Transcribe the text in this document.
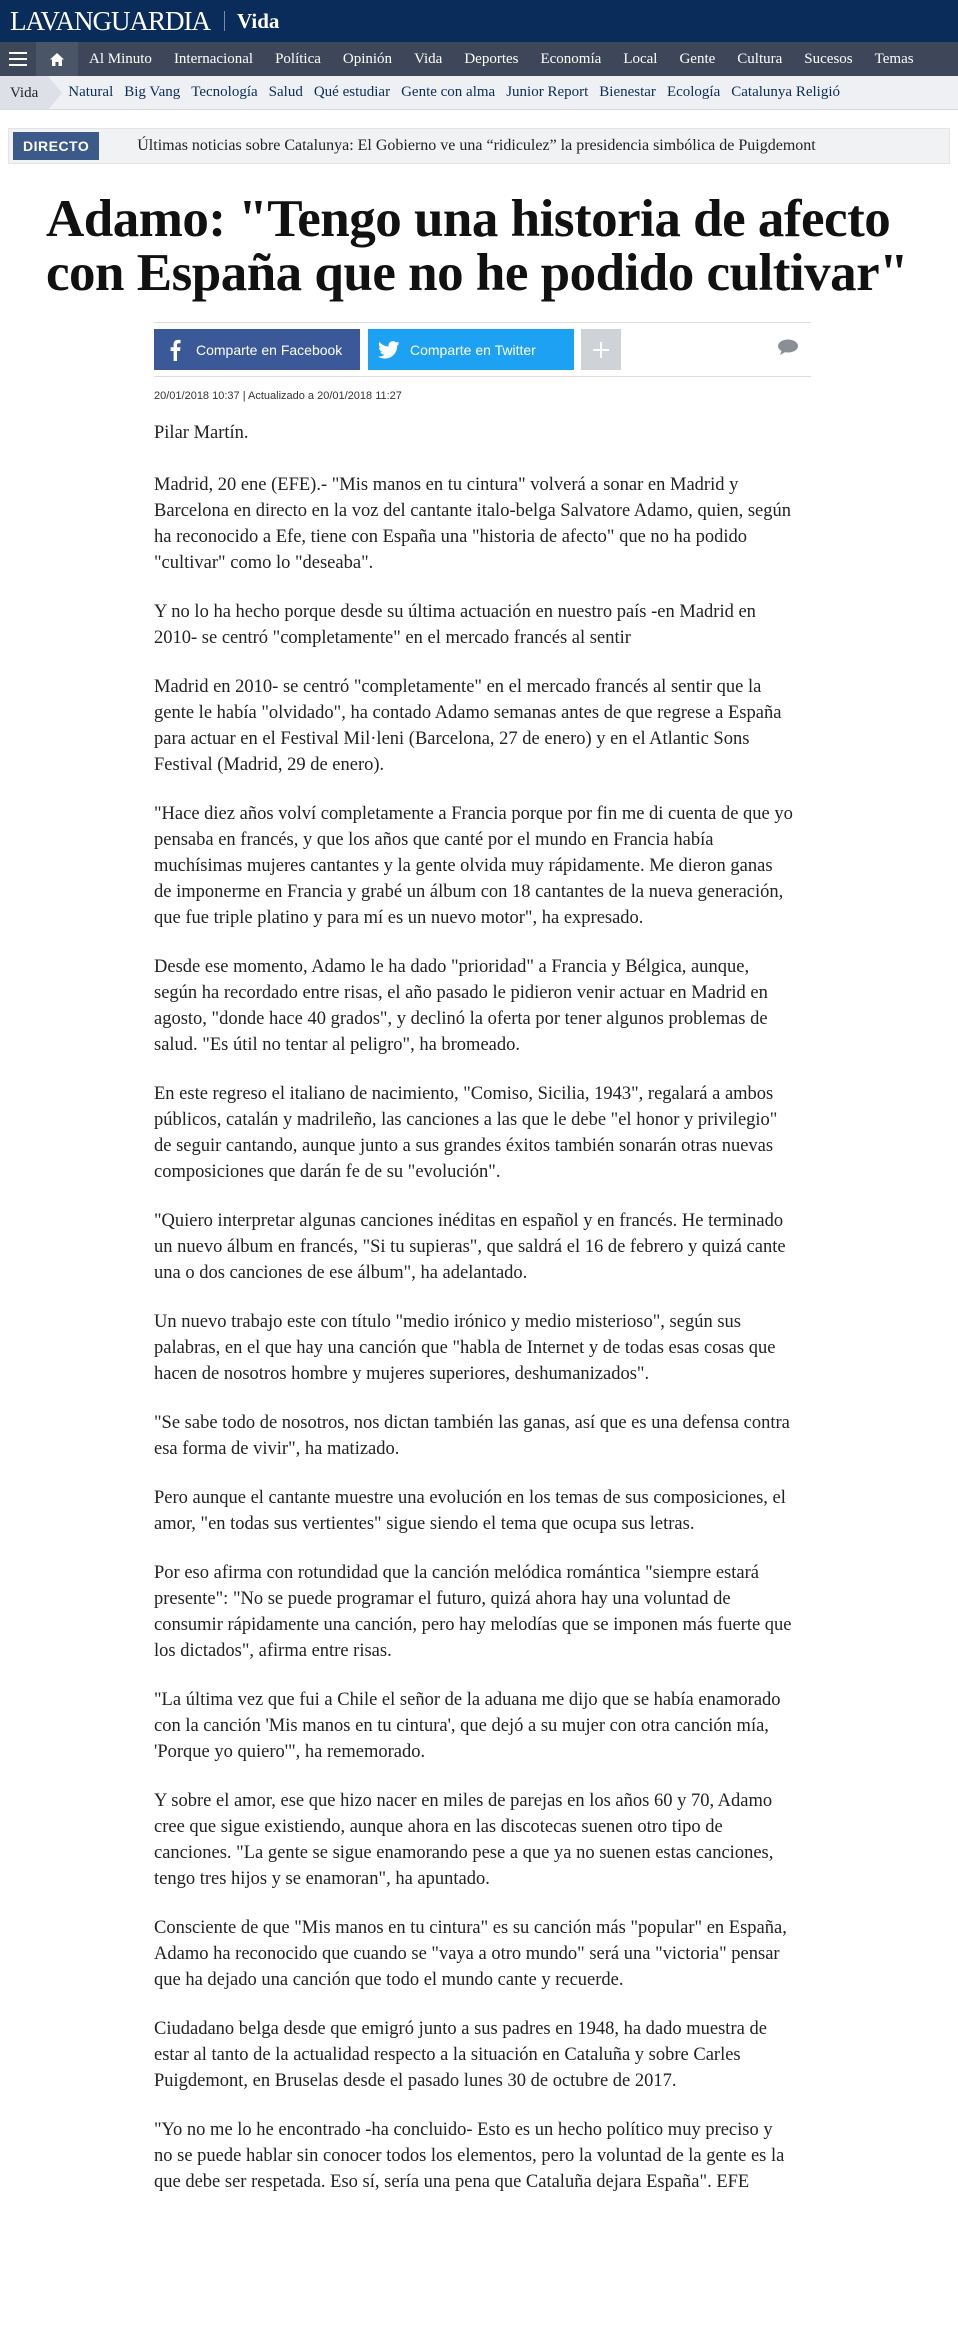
LAVANGUARDIA Vida
Al Minuto	Internacional	Política	Opinión	Vida	Deportes	Economía	Local	Gente	Cultura	Sucesos	Temas
Vida	Natural Big Vang Tecnología Salud Qué estudiar Gente con alma Junior Report Bienestar Ecología Catalunya Religió
DIRECTO	Últimas noticias sobre Catalunya: El Gobierno ve una “ridiculez” la presidencia simbólica de Puigdemont
Adamo: "Tengo una historia de afecto con España que no he podido cultivar"
Comparte en Facebook	Comparte en Twitter
20/01/2018 10:37 | Actualizado a 20/01/2018 11:27

Pilar Martín.

Madrid, 20 ene (EFE).- "Mis manos en tu cintura" volverá a sonar en Madrid y Barcelona en directo en la voz del cantante italo-belga Salvatore Adamo, quien, según ha reconocido a Efe, tiene con España una "historia de afecto" que no ha podido "cultivar" como lo "deseaba".

Y no lo ha hecho porque desde su última actuación en nuestro país -en Madrid en 2010- se centró "completamente" en el mercado francés al sentir

Madrid en 2010- se centró "completamente" en el mercado francés al sentir que la gente le había "olvidado", ha contado Adamo semanas antes de que regrese a España para actuar en el Festival Mil·leni (Barcelona, 27 de enero) y en el Atlantic Sons Festival (Madrid, 29 de enero).

"Hace diez años volví completamente a Francia porque por fin me di cuenta de que yo pensaba en francés, y que los años que canté por el mundo en Francia había muchísimas mujeres cantantes y la gente olvida muy rápidamente. Me dieron ganas de imponerme en Francia y grabé un álbum con 18 cantantes de la nueva generación, que fue triple platino y para mí es un nuevo motor", ha expresado.

Desde ese momento, Adamo le ha dado "prioridad" a Francia y Bélgica, aunque, según ha recordado entre risas, el año pasado le pidieron venir actuar en Madrid en agosto, "donde hace 40 grados", y declinó la oferta por tener algunos problemas de salud. "Es útil no tentar al peligro", ha bromeado.

En este regreso el italiano de nacimiento, "Comiso, Sicilia, 1943", regalará a ambos públicos, catalán y madrileño, las canciones a las que le debe "el honor y privilegio" de seguir cantando, aunque junto a sus grandes éxitos también sonarán otras nuevas composiciones que darán fe de su "evolución".

"Quiero interpretar algunas canciones inéditas en español y en francés. He terminado un nuevo álbum en francés, "Si tu supieras", que saldrá el 16 de febrero y quizá cante una o dos canciones de ese álbum", ha adelantado.

Un nuevo trabajo este con título "medio irónico y medio misterioso", según sus palabras, en el que hay una canción que "habla de Internet y de todas esas cosas que hacen de nosotros hombre y mujeres superiores, deshumanizados".

"Se sabe todo de nosotros, nos dictan también las ganas, así que es una defensa contra esa forma de vivir", ha matizado.

Pero aunque el cantante muestre una evolución en los temas de sus composiciones, el amor, "en todas sus vertientes" sigue siendo el tema que ocupa sus letras.

Por eso afirma con rotundidad que la canción melódica romántica "siempre estará presente": "No se puede programar el futuro, quizá ahora hay una voluntad de consumir rápidamente una canción, pero hay melodías que se imponen más fuerte que los dictados", afirma entre risas.

"La última vez que fui a Chile el señor de la aduana me dijo que se había enamorado con la canción 'Mis manos en tu cintura', que dejó a su mujer con otra canción mía, 'Porque yo quiero'", ha rememorado.

Y sobre el amor, ese que hizo nacer en miles de parejas en los años 60 y 70, Adamo cree que sigue existiendo, aunque ahora en las discotecas suenen otro tipo de canciones. "La gente se sigue enamorando pese a que ya no suenen estas canciones, tengo tres hijos y se enamoran", ha apuntado.

Consciente de que "Mis manos en tu cintura" es su canción más "popular" en España, Adamo ha reconocido que cuando se "vaya a otro mundo" será una "victoria" pensar que ha dejado una canción que todo el mundo cante y recuerde.

Ciudadano belga desde que emigró junto a sus padres en 1948, ha dado muestra de estar al tanto de la actualidad respecto a la situación en Cataluña y sobre Carles Puigdemont, en Bruselas desde el pasado lunes 30 de octubre de 2017.

"Yo no me lo he encontrado -ha concluido- Esto es un hecho político muy preciso y no se puede hablar sin conocer todos los elementos, pero la voluntad de la gente es la que debe ser respetada. Eso sí, sería una pena que Cataluña dejara España". EFE
